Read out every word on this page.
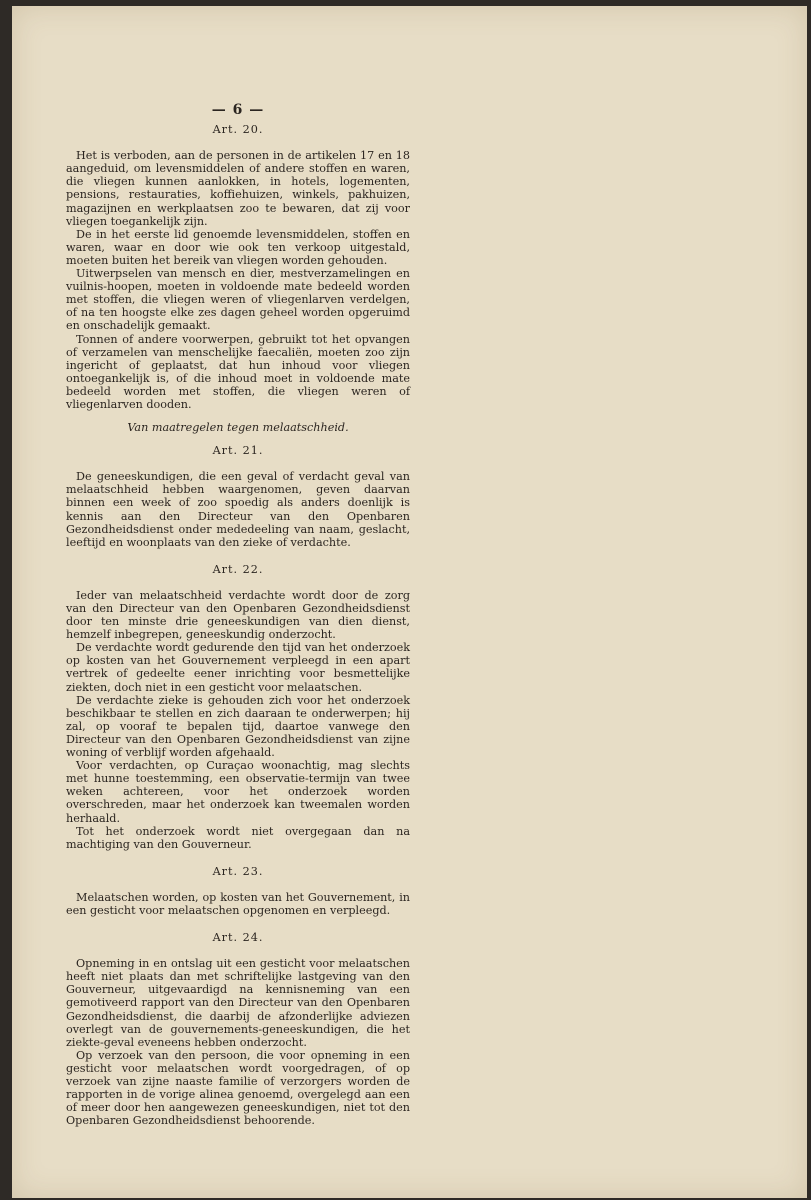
— 6 —
Art. 20.

Het is verboden, aan de personen in de artikelen 17 en 18 aangeduid, om levensmiddelen of andere stoffen en waren, die vliegen kunnen aanlokken, in hotels, logementen, pensions, restauraties, koffiehuizen, winkels, pakhuizen, magazijnen en werkplaatsen zoo te bewaren, dat zij voor vliegen toegankelijk zijn.

De in het eerste lid genoemde levensmiddelen, stoffen en waren, waar en door wie ook ten verkoop uitgestald, moeten buiten het bereik van vliegen worden gehouden.

Uitwerpselen van mensch en dier, mestverzamelingen en vuilnis-hoopen, moeten in voldoende mate bedeeld worden met stoffen, die vliegen weren of vliegenlarven verdelgen, of na ten hoogste elke zes dagen geheel worden opgeruimd en onschadelijk gemaakt.

Tonnen of andere voorwerpen, gebruikt tot het opvangen of verzamelen van menschelijke faecaliën, moeten zoo zijn ingericht of geplaatst, dat hun inhoud voor vliegen ontoegankelijk is, of die inhoud moet in voldoende mate bedeeld worden met stoffen, die vliegen weren of vliegenlarven dooden.

Van maatregelen tegen melaatschheid.
Art. 21.

De geneeskundigen, die een geval of verdacht geval van melaatschheid hebben waargenomen, geven daarvan binnen een week of zoo spoedig als anders doenlijk is kennis aan den Directeur van den Openbaren Gezondheidsdienst onder mededeeling van naam, geslacht, leeftijd en woonplaats van den zieke of verdachte.

Art. 22.

Ieder van melaatschheid verdachte wordt door de zorg van den Directeur van den Openbaren Gezondheidsdienst door ten minste drie geneeskundigen van dien dienst, hemzelf inbegrepen, geneeskundig onderzocht.

De verdachte wordt gedurende den tijd van het onderzoek op kosten van het Gouvernement verpleegd in een apart vertrek of gedeelte eener inrichting voor besmettelijke ziekten, doch niet in een gesticht voor melaatschen.

De verdachte zieke is gehouden zich voor het onderzoek beschikbaar te stellen en zich daaraan te onderwerpen; hij zal, op vooraf te bepalen tijd, daartoe vanwege den Directeur van den Openbaren Gezondheidsdienst van zijne woning of verblijf worden afgehaald.

Voor verdachten, op Curaçao woonachtig, mag slechts met hunne toestemming, een observatie-termijn van twee weken achtereen, voor het onderzoek worden overschreden, maar het onderzoek kan tweemalen worden herhaald.

Tot het onderzoek wordt niet overgegaan dan na machtiging van den Gouverneur.

Art. 23.

Melaatschen worden, op kosten van het Gouvernement, in een gesticht voor melaatschen opgenomen en verpleegd.

Art. 24.

Opneming in en ontslag uit een gesticht voor melaatschen heeft niet plaats dan met schriftelijke lastgeving van den Gouverneur, uitgevaardigd na kennisneming van een gemotiveerd rapport van den Directeur van den Openbaren Gezondheidsdienst, die daarbij de afzonderlijke adviezen overlegt van de gouvernements-geneeskundigen, die het ziekte-geval eveneens hebben onderzocht.

Op verzoek van den persoon, die voor opneming in een gesticht voor melaatschen wordt voorgedragen, of op verzoek van zijne naaste familie of verzorgers worden de rapporten in de vorige alinea genoemd, overgelegd aan een of meer door hen aangewezen geneeskundigen, niet tot den Openbaren Gezondheidsdienst behoorende.
